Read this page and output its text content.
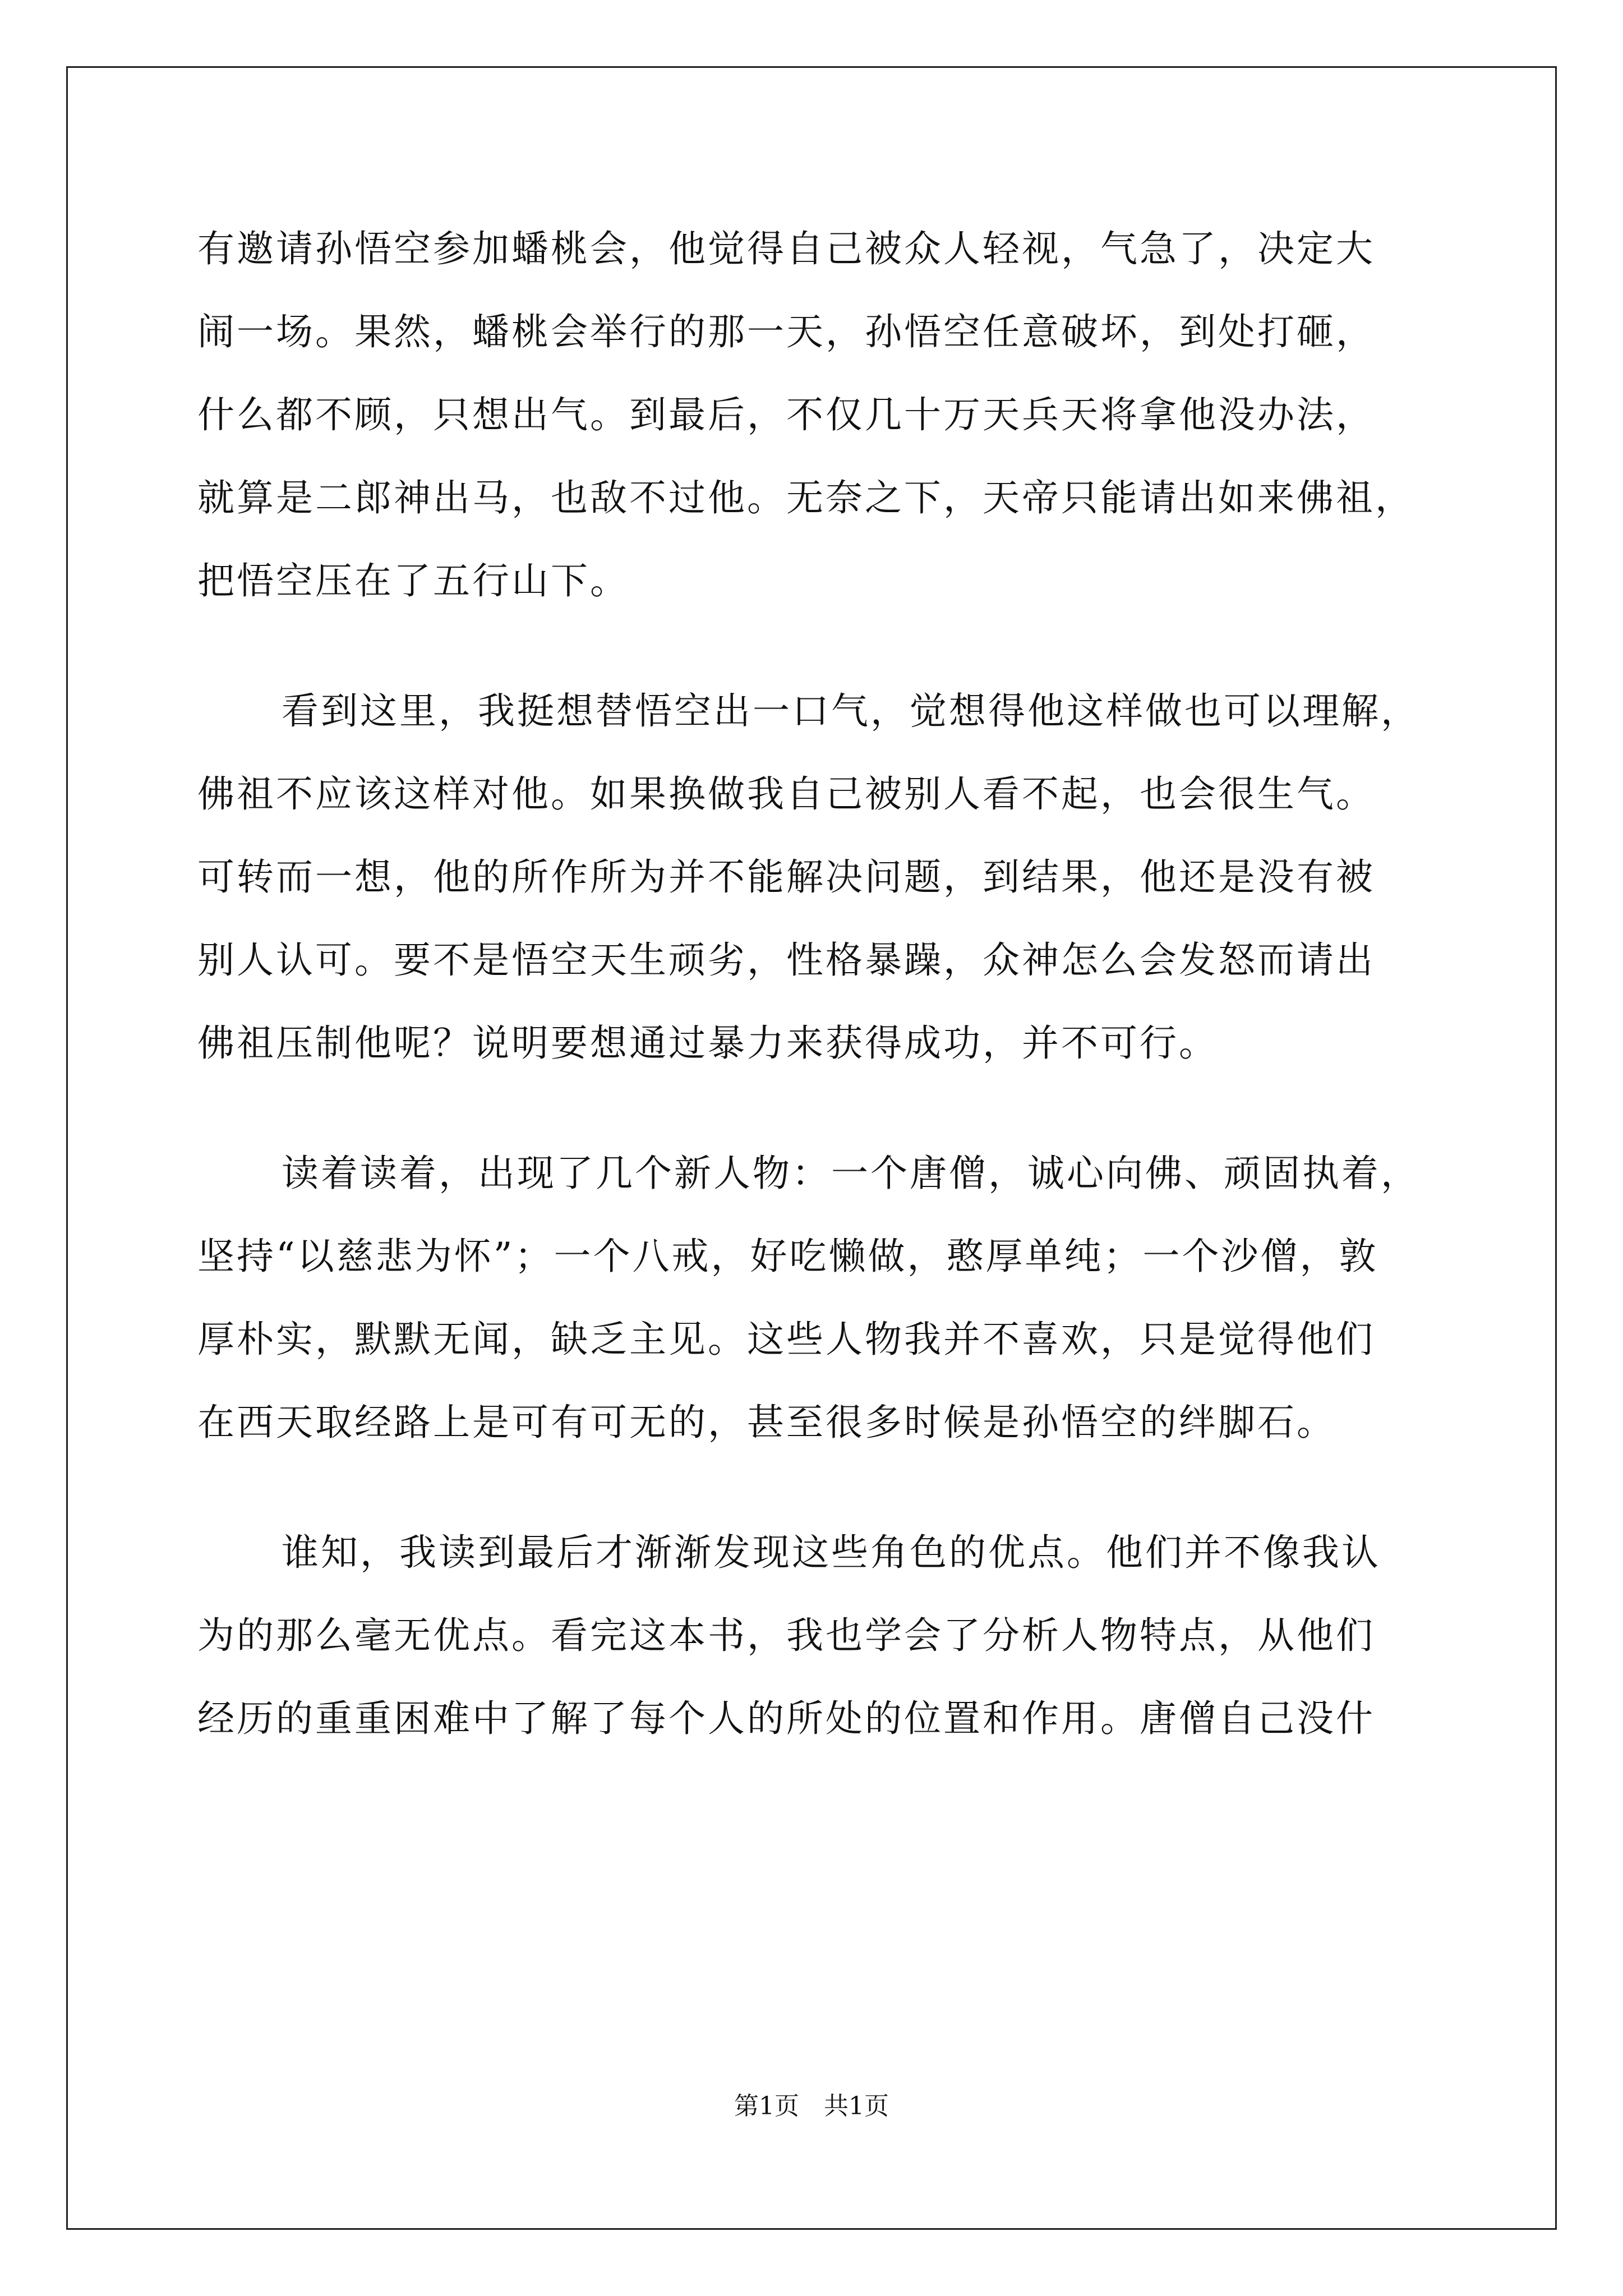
有邀请孙悟空参加蟠桃会，他觉得自己被众人轻视，气急了，决定大
闹一场。果然，蟠桃会举行的那一天，孙悟空任意破坏，到处打砸，
什么都不顾，只想出气。到最后，不仅几十万天兵天将拿他没办法，
就算是二郎神出马，也敌不过他。无奈之下，天帝只能请出如来佛祖，
把悟空压在了五行山下。
看到这里，我挺想替悟空出一口气，觉想得他这样做也可以理解，
佛祖不应该这样对他。如果换做我自己被别人看不起，也会很生气。
可转而一想，他的所作所为并不能解决问题，到结果，他还是没有被
别人认可。要不是悟空天生顽劣，性格暴躁，众神怎么会发怒而请出
佛祖压制他呢？说明要想通过暴力来获得成功，并不可行。
读着读着，出现了几个新人物：一个唐僧，诚心向佛、顽固执着，
坚持“以慈悲为怀”；一个八戒，好吃懒做，憨厚单纯；一个沙僧，敦
厚朴实，默默无闻，缺乏主见。这些人物我并不喜欢，只是觉得他们
在西天取经路上是可有可无的，甚至很多时候是孙悟空的绊脚石。
谁知，我读到最后才渐渐发现这些角色的优点。他们并不像我认
为的那么毫无优点。看完这本书，我也学会了分析人物特点，从他们
经历的重重困难中了解了每个人的所处的位置和作用。唐僧自己没什
第1页　共1页
